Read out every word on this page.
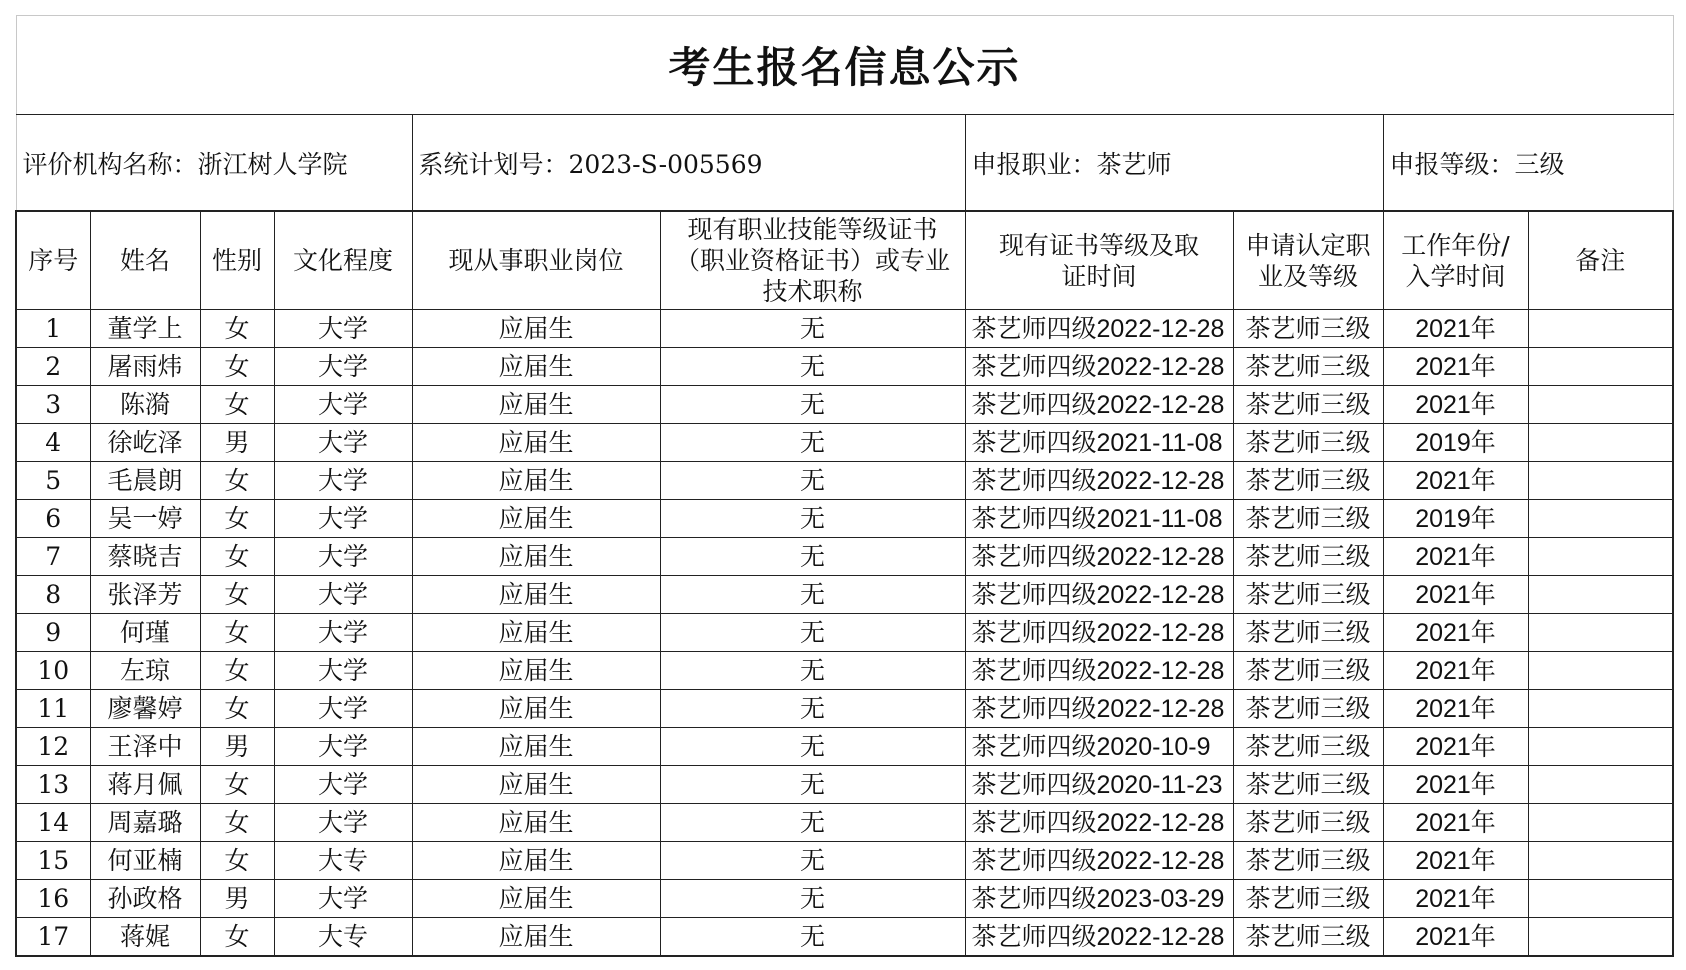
考生报名信息公示									
评价机构名称：浙江树人学院				系统计划号：2023-S-005569		申报职业：茶艺师		申报等级：三级	
序号	姓名	性别	文化程度	现从事职业岗位	现有职业技能等级证书（职业资格证书）或专业技术职称	现有证书等级及取证时间	申请认定职业及等级	工作年份/入学时间	备注
1	董学上	女	大学	应届生	无	茶艺师四级2022-12-28	茶艺师三级	2021年	
2	屠雨炜	女	大学	应届生	无	茶艺师四级2022-12-28	茶艺师三级	2021年	
3	陈漪	女	大学	应届生	无	茶艺师四级2022-12-28	茶艺师三级	2021年	
4	徐屹泽	男	大学	应届生	无	茶艺师四级2021-11-08	茶艺师三级	2019年	
5	毛晨朗	女	大学	应届生	无	茶艺师四级2022-12-28	茶艺师三级	2021年	
6	吴一婷	女	大学	应届生	无	茶艺师四级2021-11-08	茶艺师三级	2019年	
7	蔡晓吉	女	大学	应届生	无	茶艺师四级2022-12-28	茶艺师三级	2021年	
8	张泽芳	女	大学	应届生	无	茶艺师四级2022-12-28	茶艺师三级	2021年	
9	何瑾	女	大学	应届生	无	茶艺师四级2022-12-28	茶艺师三级	2021年	
10	左琼	女	大学	应届生	无	茶艺师四级2022-12-28	茶艺师三级	2021年	
11	廖馨婷	女	大学	应届生	无	茶艺师四级2022-12-28	茶艺师三级	2021年	
12	王泽中	男	大学	应届生	无	茶艺师四级2020-10-9	茶艺师三级	2021年	
13	蒋月佩	女	大学	应届生	无	茶艺师四级2020-11-23	茶艺师三级	2021年	
14	周嘉璐	女	大学	应届生	无	茶艺师四级2022-12-28	茶艺师三级	2021年	
15	何亚楠	女	大专	应届生	无	茶艺师四级2022-12-28	茶艺师三级	2021年	
16	孙政格	男	大学	应届生	无	茶艺师四级2023-03-29	茶艺师三级	2021年	
17	蒋娓	女	大专	应届生	无	茶艺师四级2022-12-28	茶艺师三级	2021年	
